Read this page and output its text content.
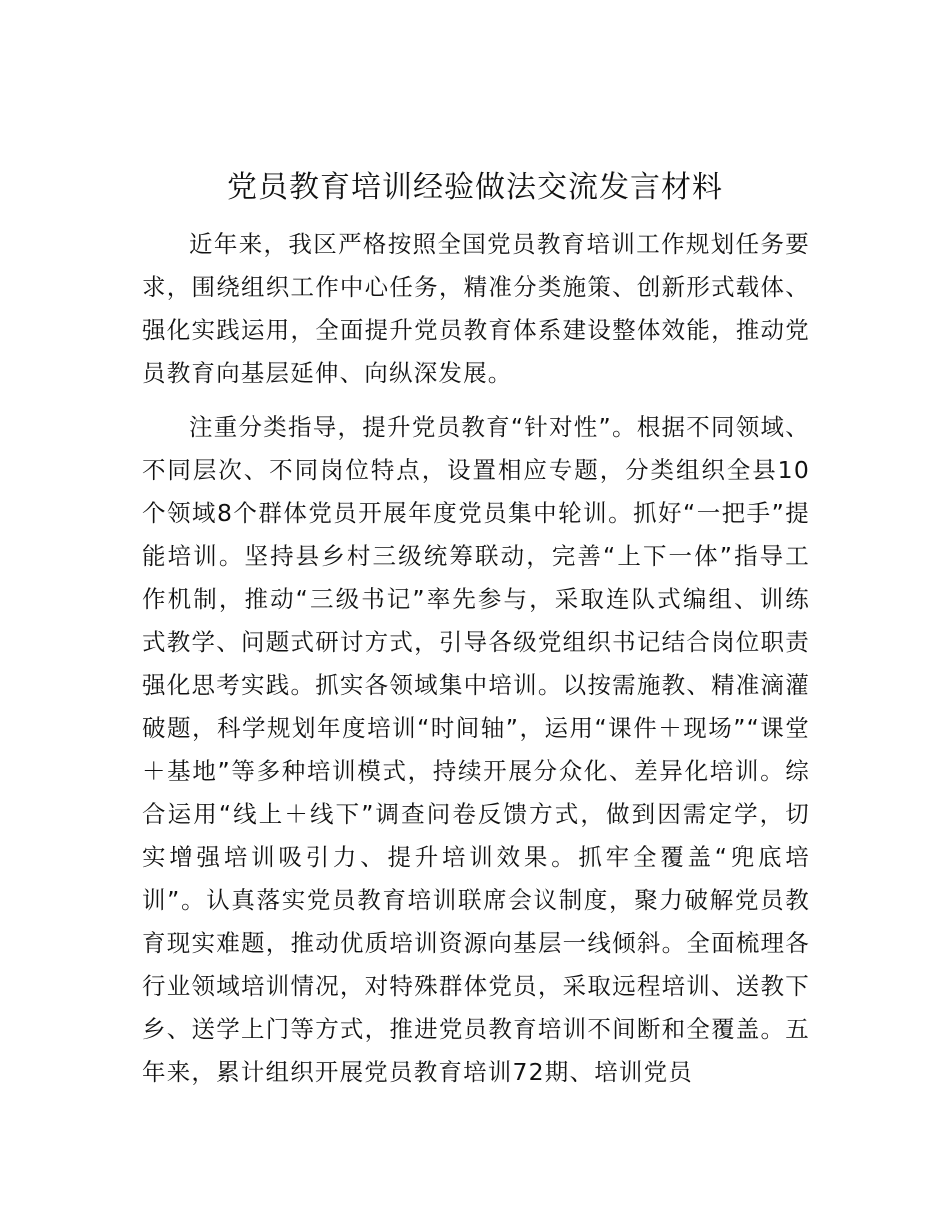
党员教育培训经验做法交流发言材料

近年来，我区严格按照全国党员教育培训工作规划任务要求，围绕组织工作中心任务，精准分类施策、创新形式载体、强化实践运用，全面提升党员教育体系建设整体效能，推动党员教育向基层延伸、向纵深发展。

注重分类指导，提升党员教育“针对性”。根据不同领域、不同层次、不同岗位特点，设置相应专题，分类组织全县10个领域8个群体党员开展年度党员集中轮训。抓好“一把手”提能培训。坚持县乡村三级统筹联动，完善“上下一体”指导工作机制，推动“三级书记”率先参与，采取连队式编组、训练式教学、问题式研讨方式，引导各级党组织书记结合岗位职责强化思考实践。抓实各领域集中培训。以按需施教、精准滴灌破题，科学规划年度培训“时间轴”，运用“课件＋现场”“课堂＋基地”等多种培训模式，持续开展分众化、差异化培训。综合运用“线上＋线下”调查问卷反馈方式，做到因需定学，切实增强培训吸引力、提升培训效果。抓牢全覆盖“兜底培训”。认真落实党员教育培训联席会议制度，聚力破解党员教育现实难题，推动优质培训资源向基层一线倾斜。全面梳理各行业领域培训情况，对特殊群体党员，采取远程培训、送教下乡、送学上门等方式，推进党员教育培训不间断和全覆盖。五年来，累计组织开展党员教育培训72期、培训党员
